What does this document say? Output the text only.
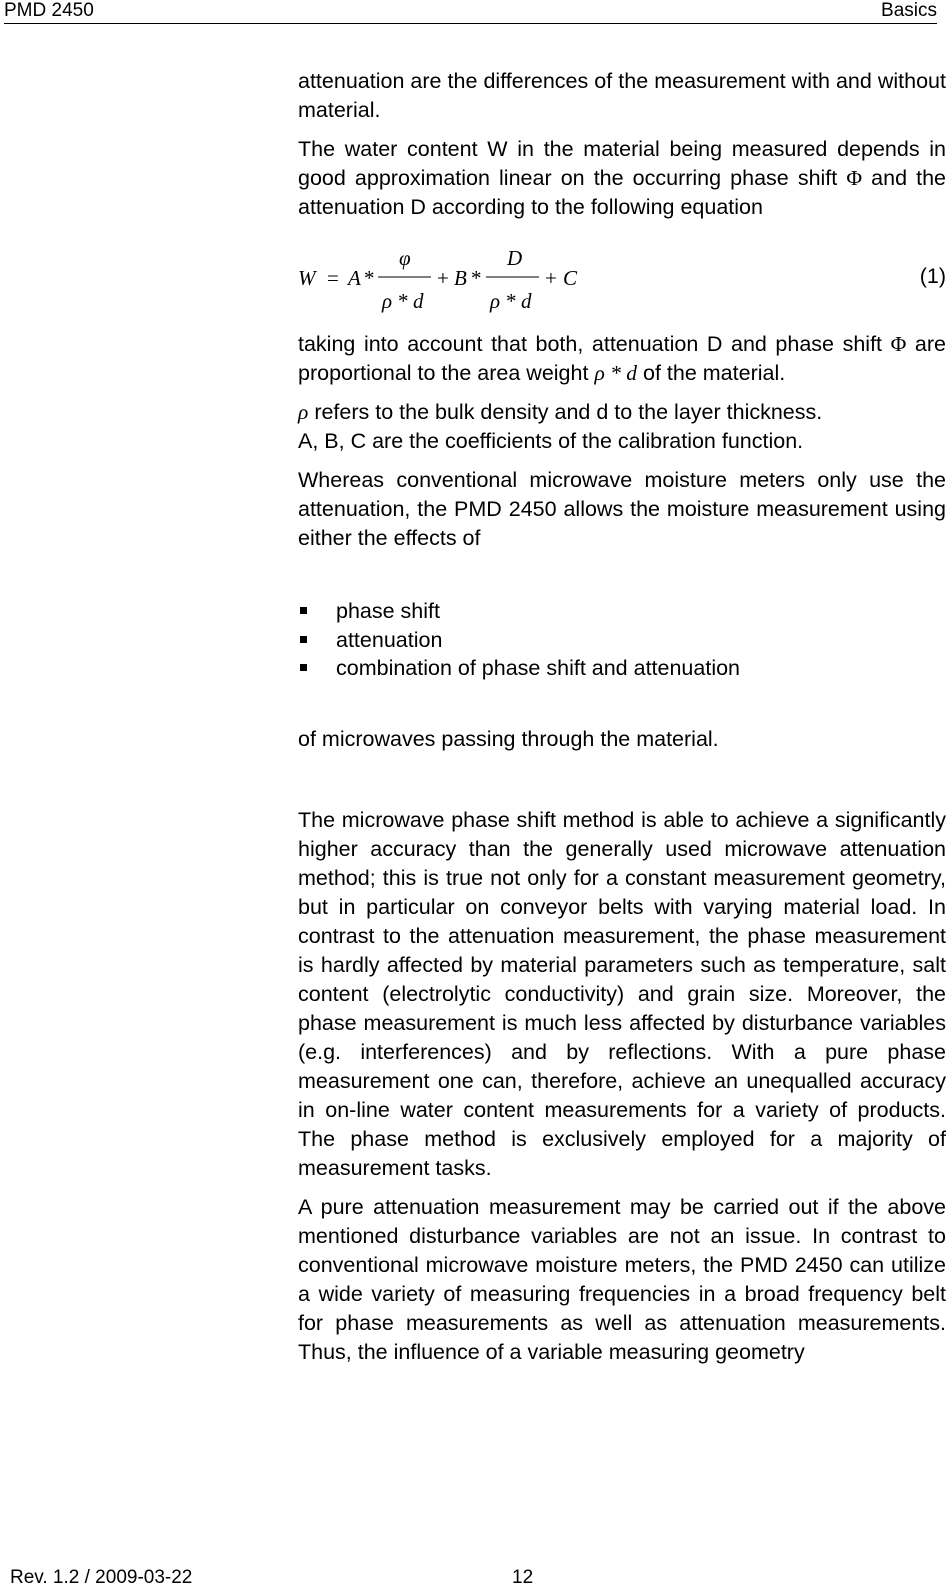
PMD 2450	Basics

attenuation are the differences of the measurement with and without material.

The water content W in the material being measured depends in good approximation linear on the occurring phase shift Φ and the attenuation D according to the following equation

W = A *
φ
ρ * d
+ B *
D
ρ * d
+ C	(1)

taking into account that both, attenuation D and phase shift Φ are proportional to the area weight ρ * d of the material.

ρ refers to the bulk density and d to the layer thickness.

A, B, C are the coefficients of the calibration function.

Whereas conventional microwave moisture meters only use the attenuation, the PMD 2450 allows the moisture measurement using either the effects of

phase shift
attenuation
combination of phase shift and attenuation

of microwaves passing through the material.

The microwave phase shift method is able to achieve a significantly higher accuracy than the generally used microwave attenuation method; this is true not only for a constant measurement geometry, but in particular on conveyor belts with varying material load. In contrast to the attenuation measurement, the phase measurement is hardly affected by material parameters such as temperature, salt content (electrolytic conductivity) and grain size. Moreover, the phase measurement is much less affected by disturbance variables (e.g. interferences) and by reflections. With a pure phase measurement one can, therefore, achieve an unequalled accuracy in on-line water content measurements for a variety of products. The phase method is exclusively employed for a majority of measurement tasks.

A pure attenuation measurement may be carried out if the above mentioned disturbance variables are not an issue. In contrast to conventional microwave moisture meters, the PMD 2450 can utilize a wide variety of measuring frequencies in a broad frequency belt for phase measurements as well as attenuation measurements. Thus, the influence of a variable measuring geometry

Rev. 1.2 / 2009-03-22	12
